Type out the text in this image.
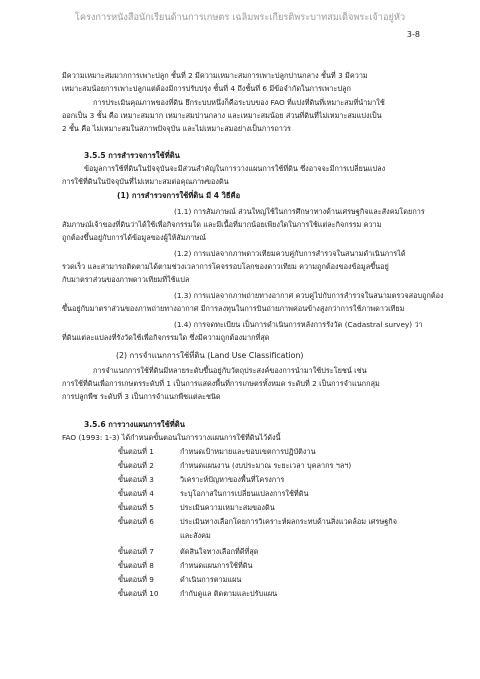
โครงการหนังสือนักเรียนด้านการเกษตร เฉลิมพระเกียรติพระบาทสมเด็จพระเจ้าอยู่หัว
3-8
มีความเหมาะสมมากการเพาะปลูก ชั้นที่ 2 มีความเหมาะสมการเพาะปลูกปานกลาง ชั้นที่ 3 มีความ
เหมาะสมน้อยการเพาะปลูกแต่ต้องมีการปรับปรุง ชั้นที่ 4 ถึงชั้นที่ 6 มีข้อจำกัดในการเพาะปลูก
การประเมินคุณภาพของที่ดิน ยึกระบบหนึ่งก็คือระบบของ FAO ที่แบ่งที่ดินที่เหมาะสมที่นำมาใช้
ออกเป็น 3 ชั้น คือ เหมาะสมมาก เหมาะสมปานกลาง และเหมาะสมน้อย ส่วนที่ดินที่ไม่เหมาะสมแบ่งเป็น
2 ชั้น คือ ไม่เหมาะสมในสภาพปัจจุบัน และไม่เหมาะสมอย่างเป็นการถาวร
3.5.5 การสำรวจการใช้ที่ดิน
ข้อมูลการใช้ที่ดินในปัจจุบันจะมีส่วนสำคัญในการวางแผนการใช้ที่ดิน ซึ่งอาจจะมีการเปลี่ยนแปลง
การใช้ที่ดินในปัจจุบันที่ไม่เหมาะสมต่อคุณภาพของดิน
(1) การสำรวจการใช้ที่ดิน มี 4 วิธีคือ
(1.1) การสัมภาษณ์ ส่วนใหญ่ใช้ในการศึกษาทางด้านเศรษฐกิจและสังคมโดยการ
สัมภาษณ์เจ้าของที่ดินว่าได้ใช้เพื่อกิจกรรมใด และมีเนื้อที่มากน้อยเพียงใดในการใช้แต่ละกิจกรรม ความ
ถูกต้องขึ้นอยู่กับการได้ข้อมูลของผู้ให้สัมภาษณ์
(1.2) การแปลจากภาพดาวเทียมควบคู่กับการสำรวจในสนามดำเนินการได้
รวดเร็ว และสามารถติดตามได้ตามช่วงเวลาการโคจรรอบโลกของดาวเทียม ความถูกต้องของข้อมูลขึ้นอยู่
กับมาตราส่วนของภาพดาวเทียมที่ใช้แปล
(1.3) การแปลจากภาพถ่ายทางอากาศ ควบคู่ไปกับการสำรวจในสนามตรวจสอบถูกต้อง
ขึ้นอยู่กับมาตราส่วนของภาพถ่ายทางอากาศ มีการลงทุนในการบินถ่ายภาพค่อนข้างสูงกว่าการใช้ภาพดาวเทียม
(1.4) การจดทะเบียน เป็นการดำเนินการหลังการรังวัด (Cadastral survey) ว่า
ที่ดินแต่ละแปลงที่รังวัดใช้เพื่อกิจกรรมใด ซึ่งมีความถูกต้องมากที่สุด
(2) การจำแนกการใช้ที่ดิน (Land Use Classification)
การจำแนกการใช้ที่ดินมีหลายระดับขึ้นอยู่กับวัตถุประสงค์ของการนำมาใช้ประโยชน์ เช่น
การใช้ที่ดินเพื่อการเกษตรระดับที่ 1 เป็นการแสดงพื้นที่การเกษตรทั้งหมด ระดับที่ 2 เป็นการจำแนกกลุ่ม
การปลูกพืช ระดับที่ 3 เป็นการจำแนกพืชแต่ละชนิด
3.5.6 การวางแผนการใช้ที่ดิน
FAO (1993: 1-3) ได้กำหนดขั้นตอนในการวางแผนการใช้ที่ดินไว้ดังนี้
ขั้นตอนที่ 1	กำหนดเป้าหมายและขอบเขตการปฏิบัติงาน
ขั้นตอนที่ 2	กำหนดแผนงาน (งบประมาณ ระยะเวลา บุคลากร ฯลฯ)
ขั้นตอนที่ 3	วิเคราะห์ปัญหาของพื้นที่โครงการ
ขั้นตอนที่ 4	ระบุโอกาสในการเปลี่ยนแปลงการใช้ที่ดิน
ขั้นตอนที่ 5	ประเมินความเหมาะสมของดิน
ขั้นตอนที่ 6	ประเมินทางเลือกโดยการวิเคราะห์ผลกระทบด้านสิ่งแวดล้อม เศรษฐกิจ
และสังคม
ขั้นตอนที่ 7	ตัดสินใจทางเลือกที่ดีที่สุด
ขั้นตอนที่ 8	กำหนดแผนการใช้ที่ดิน
ขั้นตอนที่ 9	ดำเนินการตามแผน
ขั้นตอนที่ 10	กำกับดูแล ติดตามและปรับแผน
